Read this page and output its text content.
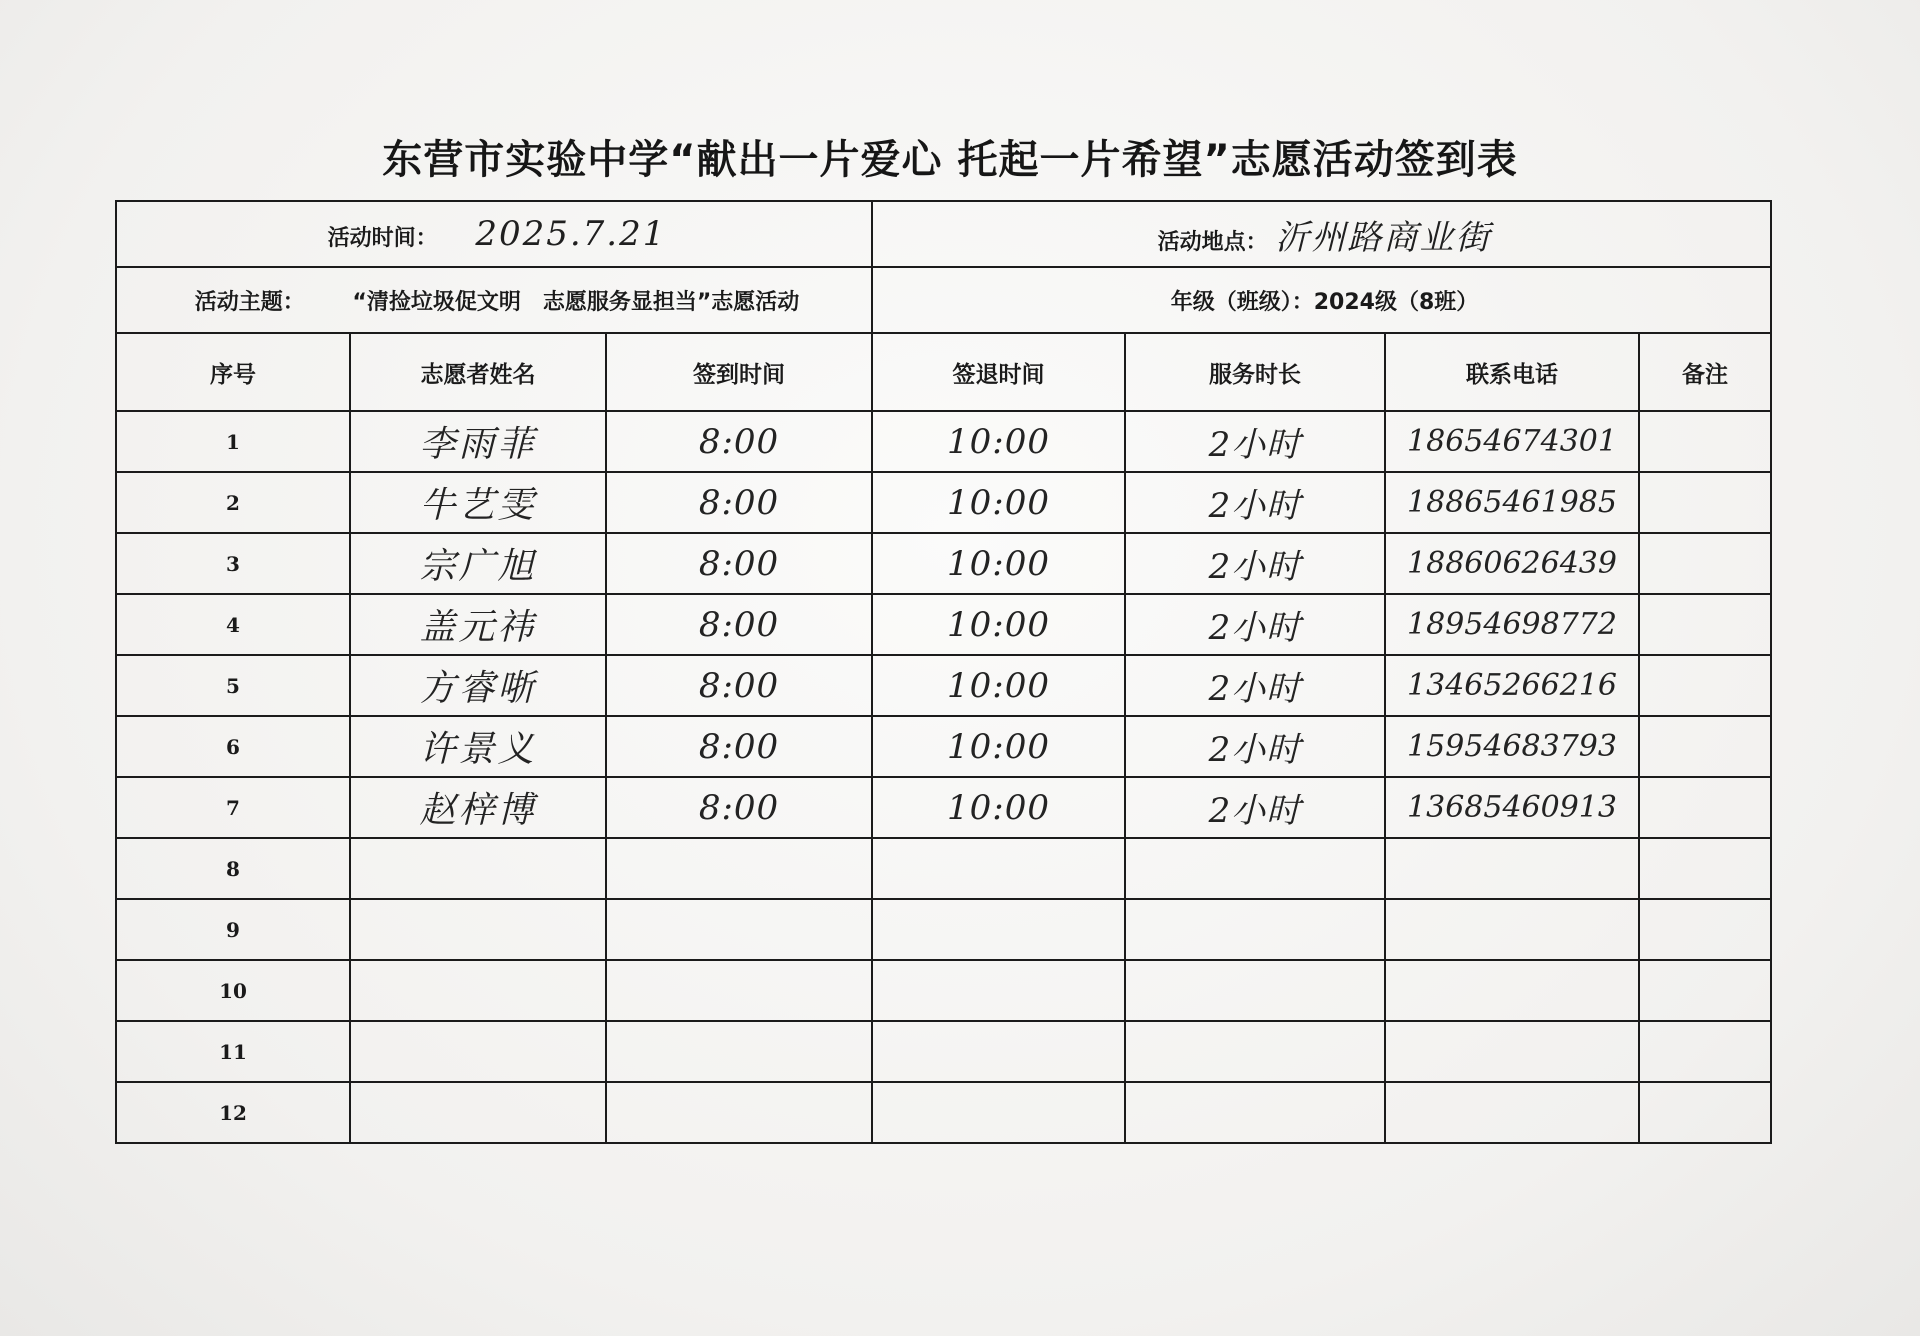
东营市实验中学“献出一片爱心 托起一片希望”志愿活动签到表
活动时间： 2025.7.21			活动地点： 沂州路商业街			
活动主题： “清捡垃圾促文明　志愿服务显担当”志愿活动			年级（班级）：2024级（8班）			
序号	志愿者姓名	签到时间	签退时间	服务时长	联系电话	备注
1	李雨菲	8:00	10:00	2小时	18654674301	
2	牛艺雯	8:00	10:00	2小时	18865461985	
3	宗广旭	8:00	10:00	2小时	18860626439	
4	盖元祎	8:00	10:00	2小时	18954698772	
5	方睿哳	8:00	10:00	2小时	13465266216	
6	许景义	8:00	10:00	2小时	15954683793	
7	赵梓博	8:00	10:00	2小时	13685460913	
8						
9						
10						
11						
12						
